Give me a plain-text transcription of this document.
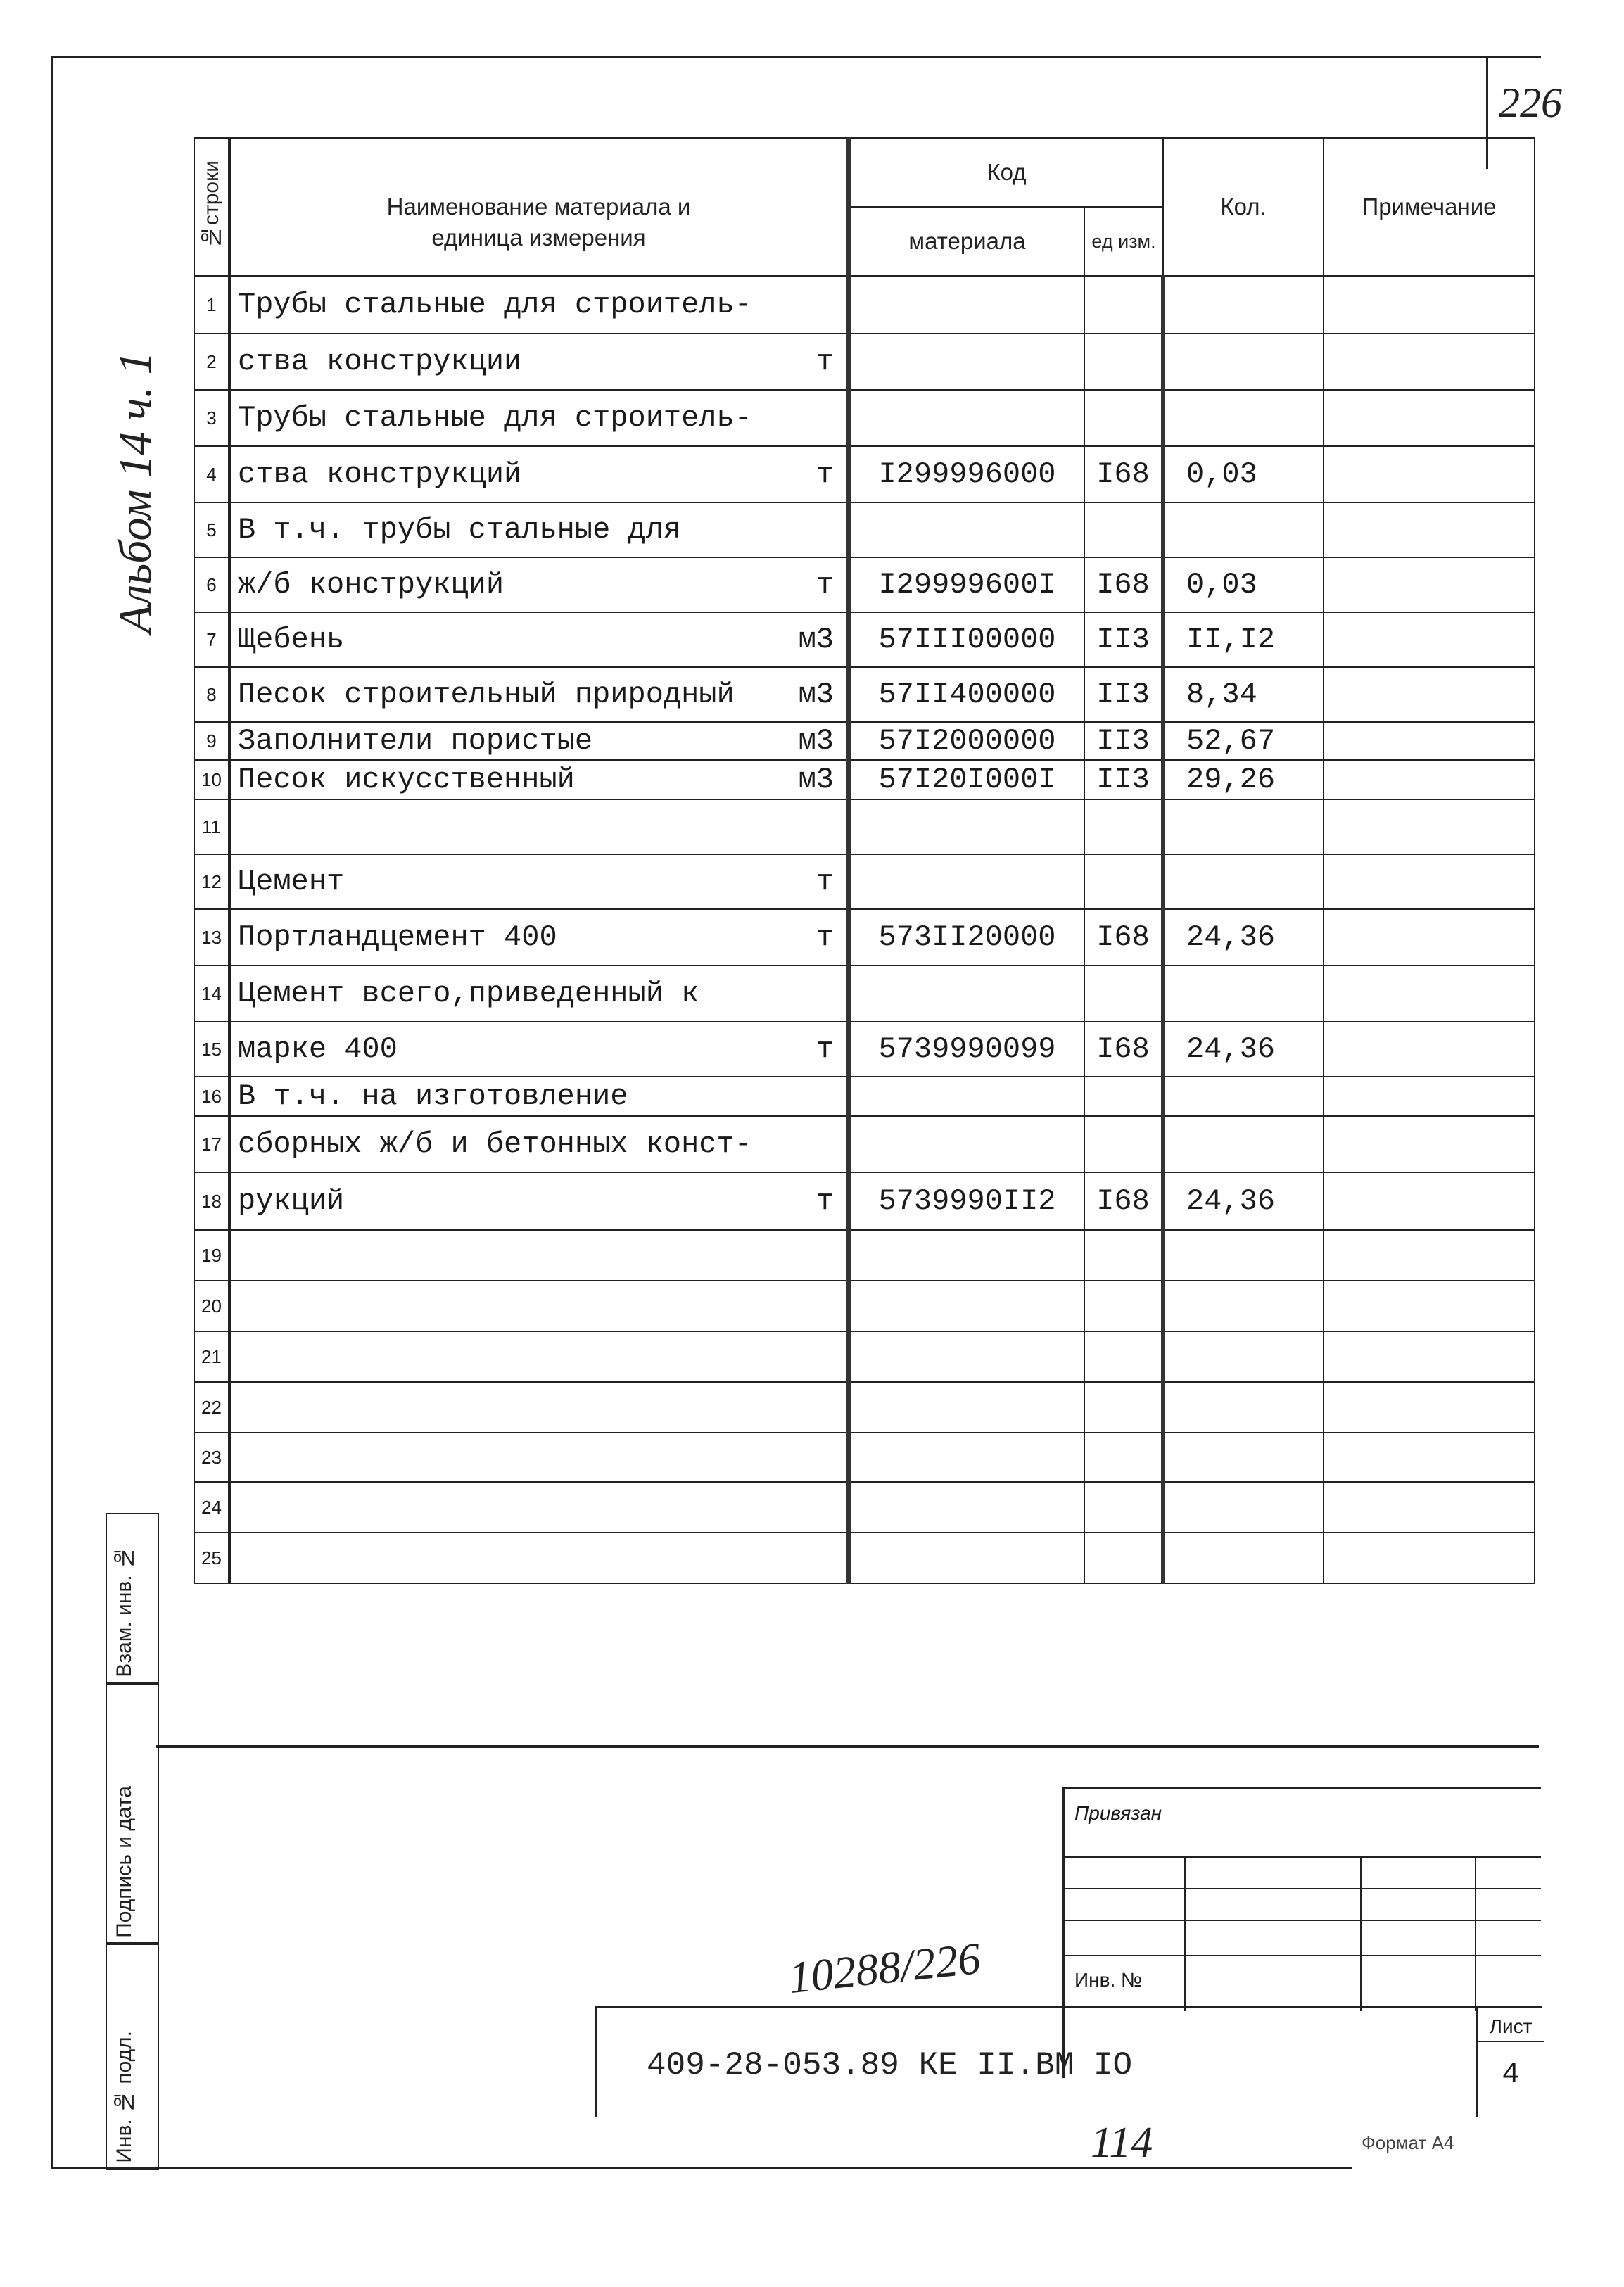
226
Альбом 14 ч. 1
№строки	Наименование материала и
единица измерения	Код		Кол.	Примечание
		материала	ед изм.		
1	Трубы стальные для строитель-

2	ства конструкции т				

3	Трубы стальные для строитель-

4	ства конструкций т	I299996000	I68	0,03	
5	В т.ч. трубы стальные для

6	ж/б конструкций т	I29999600I	I68	0,03	
7	Щебень м3	57III00000	II3	II,I2	
8	Песок строительный природный м3	57II400000	II3	8,34	
9	Заполнители пористые м3	57I2000000	II3	52,67	
10	Песок искусственный м3	57I20I000I	II3	29,26	
11	

12	Цемент т				

13	Портландцемент 400 т	573II20000	I68	24,36	
14	Цемент всего,приведенный к

15	марке 400 т	5739990099	I68	24,36	
16	В т.ч. на изготовление

17	сборных ж/б и бетонных конст-

18	рукций т	5739990II2	I68	24,36	
19	

20	

21	

22	

23	

24	

25	

Взам. инв. №
Подпись и дата
Инв. № подл.
Привязан
Инв. №
409-28-053.89 КЕ II.ВМ IО
Лист
4
10288/226
114	Формат А4
